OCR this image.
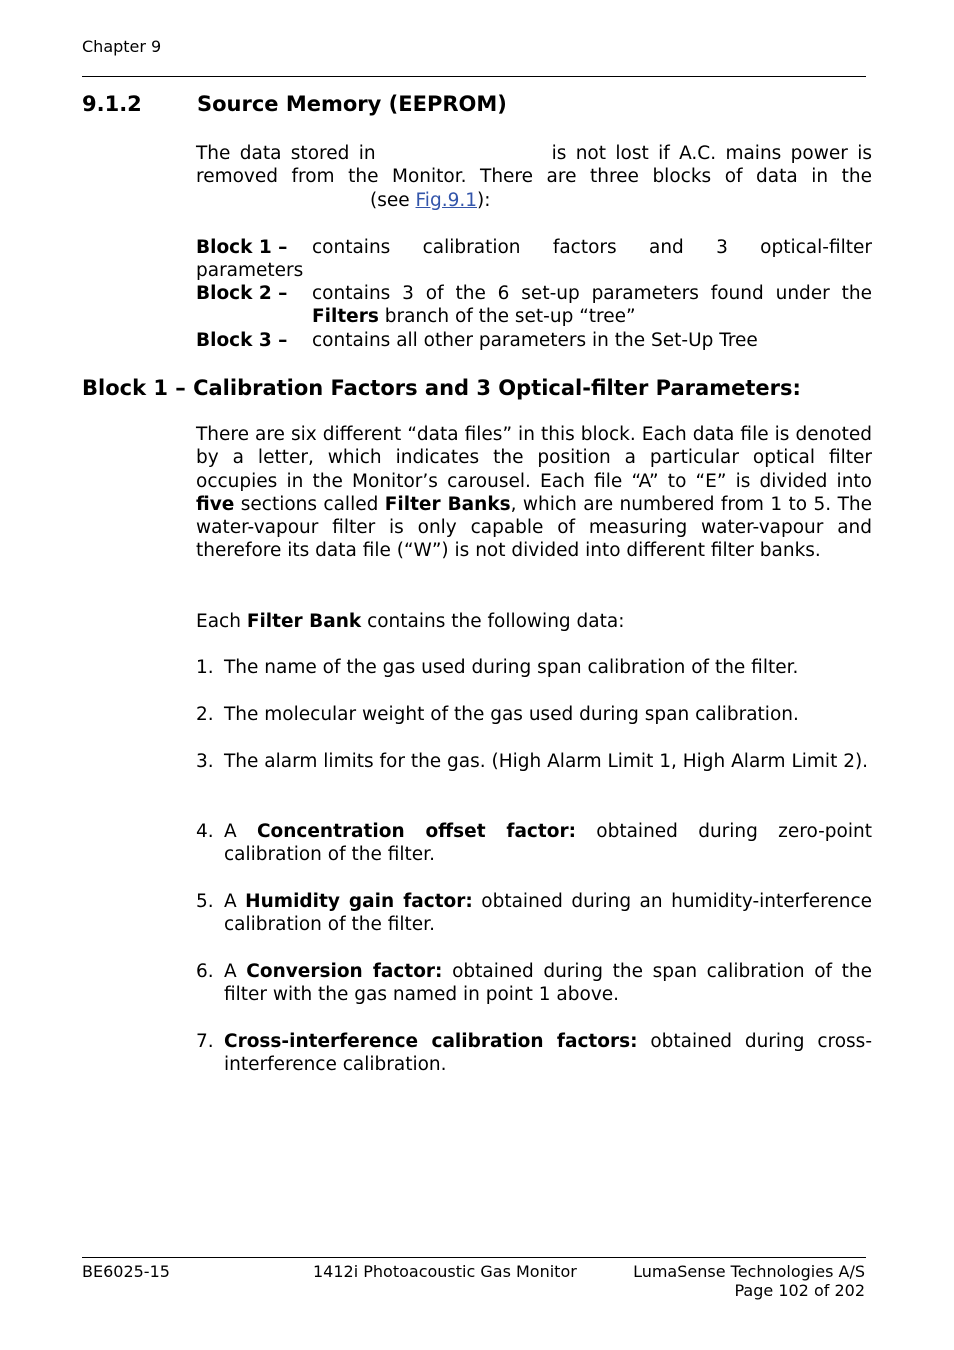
Chapter 9
9.1.2	Source Memory (EEPROM)
The data stored in	is not lost if A.C. mains power is removed from the Monitor. There are three blocks of data in the
(see Fig.9.1):
Block 1 – contains calibration factors and 3 optical-filter
parameters
Block 2 – contains 3 of the 6 set-up parameters found under the Filters branch of the set-up “tree”
Block 3 – contains all other parameters in the Set-Up Tree
Block 1 – Calibration Factors and 3 Optical-filter Parameters:
There are six different “data files” in this block. Each data file is denoted by a letter, which indicates the position a particular optical filter occupies in the Monitor’s carousel. Each file “A” to “E” is divided into five sections called Filter Banks, which are numbered from 1 to 5. The water-vapour filter is only capable of measuring water-vapour and therefore its data file (“W”) is not divided into different filter banks.
Each Filter Bank contains the following data:
1. The name of the gas used during span calibration of the filter.
2. The molecular weight of the gas used during span calibration.
3. The alarm limits for the gas. (High Alarm Limit 1, High Alarm Limit 2).
4. A Concentration offset factor: obtained during zero-point calibration of the filter.
5. A Humidity gain factor: obtained during an humidity-interference calibration of the filter.
6. A Conversion factor: obtained during the span calibration of the filter with the gas named in point 1 above.
7. Cross-interference calibration factors: obtained during cross-interference calibration.
BE6025-15	1412i Photoacoustic Gas Monitor	LumaSense Technologies A/S
Page 102 of 202
